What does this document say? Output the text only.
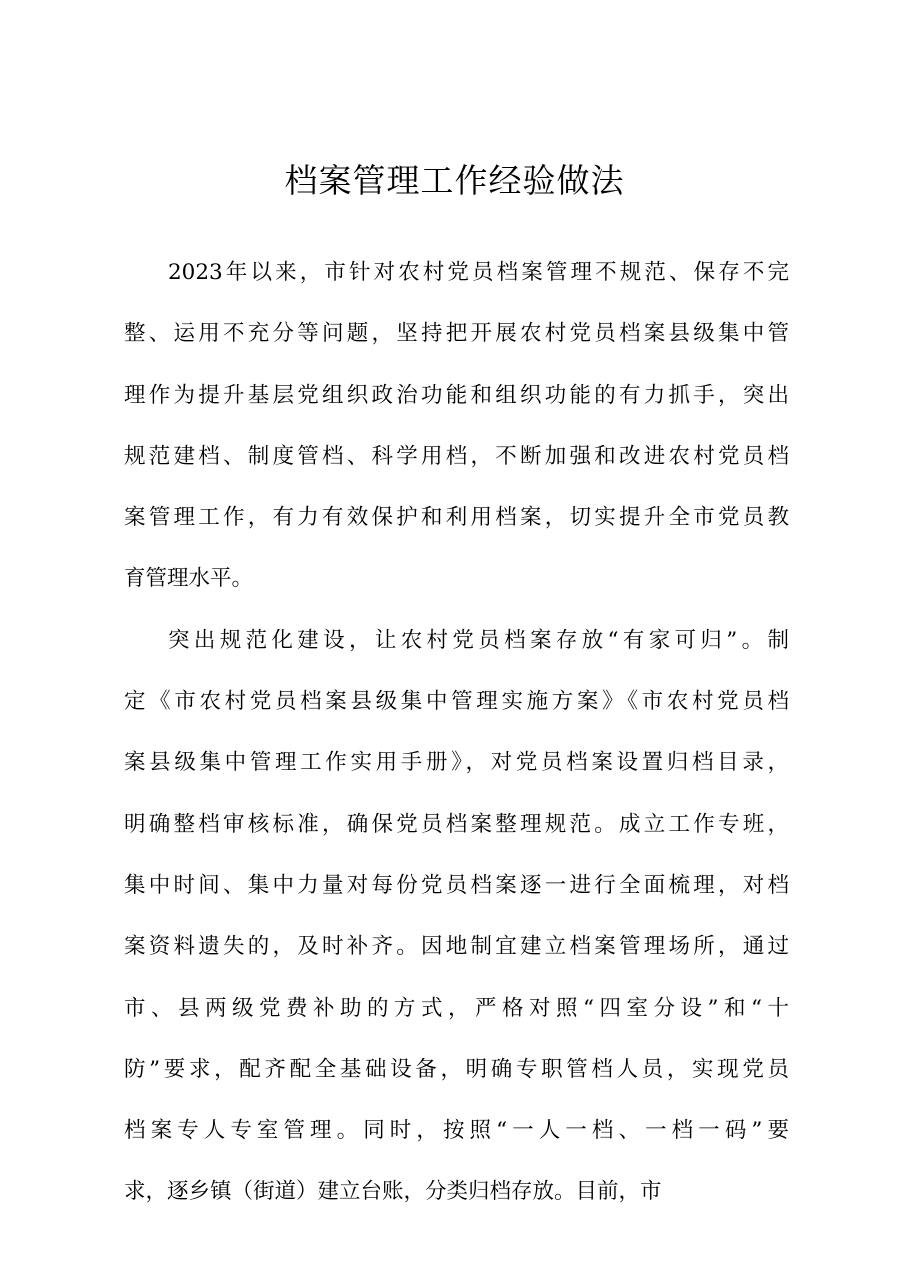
档案管理工作经验做法
2023年以来，市针对农村党员档案管理不规范、保存不完
整、运用不充分等问题，坚持把开展农村党员档案县级集中管
理作为提升基层党组织政治功能和组织功能的有力抓手，突出
规范建档、制度管档、科学用档，不断加强和改进农村党员档
案管理工作，有力有效保护和利用档案，切实提升全市党员教
育管理水平。
突出规范化建设，让农村党员档案存放“有家可归”。制
定《市农村党员档案县级集中管理实施方案》《市农村党员档
案县级集中管理工作实用手册》，对党员档案设置归档目录，
明确整档审核标准，确保党员档案整理规范。成立工作专班，
集中时间、集中力量对每份党员档案逐一进行全面梳理，对档
案资料遗失的，及时补齐。因地制宜建立档案管理场所，通过
市、县两级党费补助的方式，严格对照“四室分设”和“十
防”要求，配齐配全基础设备，明确专职管档人员，实现党员
档案专人专室管理。同时，按照“一人一档、一档一码”要
求，逐乡镇（街道）建立台账，分类归档存放。目前，市
